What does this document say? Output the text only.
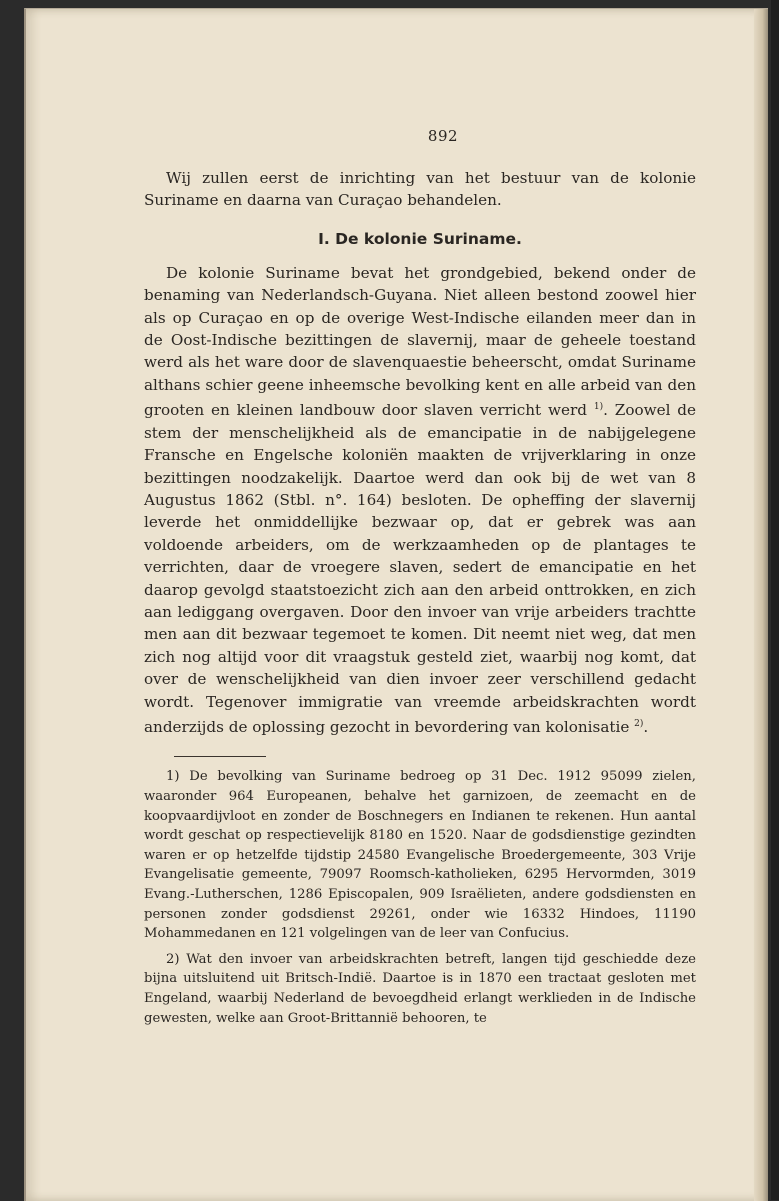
892

Wij zullen eerst de inrichting van het bestuur van de kolonie Suriname en daarna van Curaçao behandelen.

I. De kolonie Suriname.

De kolonie Suriname bevat het grondgebied, bekend onder de benaming van Nederlandsch-Guyana. Niet alleen bestond zoowel hier als op Curaçao en op de overige West-Indische eilanden meer dan in de Oost-Indische bezittingen de slavernij, maar de geheele toestand werd als het ware door de slavenquaestie beheerscht, omdat Suriname althans schier geene inheemsche bevolking kent en alle arbeid van den grooten en kleinen landbouw door slaven verricht werd $^{1)}$. Zoowel de stem der menschelijkheid als de emancipatie in de nabijgelegene Fransche en Engelsche koloniën maakten de vrijverklaring in onze bezittingen noodzakelijk. Daartoe werd dan ook bij de wet van 8 Augustus 1862 (Stbl. n°. 164) besloten. De opheffing der slavernij leverde het onmiddellijke bezwaar op, dat er gebrek was aan voldoende arbeiders, om de werkzaamheden op de plantages te verrichten, daar de vroegere slaven, sedert de emancipatie en het daarop gevolgd staatstoezicht zich aan den arbeid onttrokken, en zich aan lediggang overgaven. Door den invoer van vrije arbeiders trachtte men aan dit bezwaar tegemoet te komen. Dit neemt niet weg, dat men zich nog altijd voor dit vraagstuk gesteld ziet, waarbij nog komt, dat over de wenschelijkheid van dien invoer zeer verschillend gedacht wordt. Tegenover immigratie van vreemde arbeidskrachten wordt anderzijds de oplossing gezocht in bevordering van kolonisatie $^{2)}$.

1) De bevolking van Suriname bedroeg op 31 Dec. 1912 95099 zielen, waaronder 964 Europeanen, behalve het garnizoen, de zeemacht en de koopvaardijvloot en zonder de Boschnegers en Indianen te rekenen. Hun aantal wordt geschat op respectievelijk 8180 en 1520. Naar de godsdienstige gezindten waren er op hetzelfde tijdstip 24580 Evangelische Broedergemeente, 303 Vrije Evangelisatie gemeente, 79097 Roomsch-katholieken, 6295 Hervormden, 3019 Evang.-Lutherschen, 1286 Episcopalen, 909 Israëlieten, andere godsdiensten en personen zonder godsdienst 29261, onder wie 16332 Hindoes, 11190 Mohammedanen en 121 volgelingen van de leer van Confucius.

2) Wat den invoer van arbeidskrachten betreft, langen tijd geschiedde deze bijna uitsluitend uit Britsch-Indië. Daartoe is in 1870 een tractaat gesloten met Engeland, waarbij Nederland de bevoegdheid erlangt werklieden in de Indische gewesten, welke aan Groot-Brittannië behooren, te
